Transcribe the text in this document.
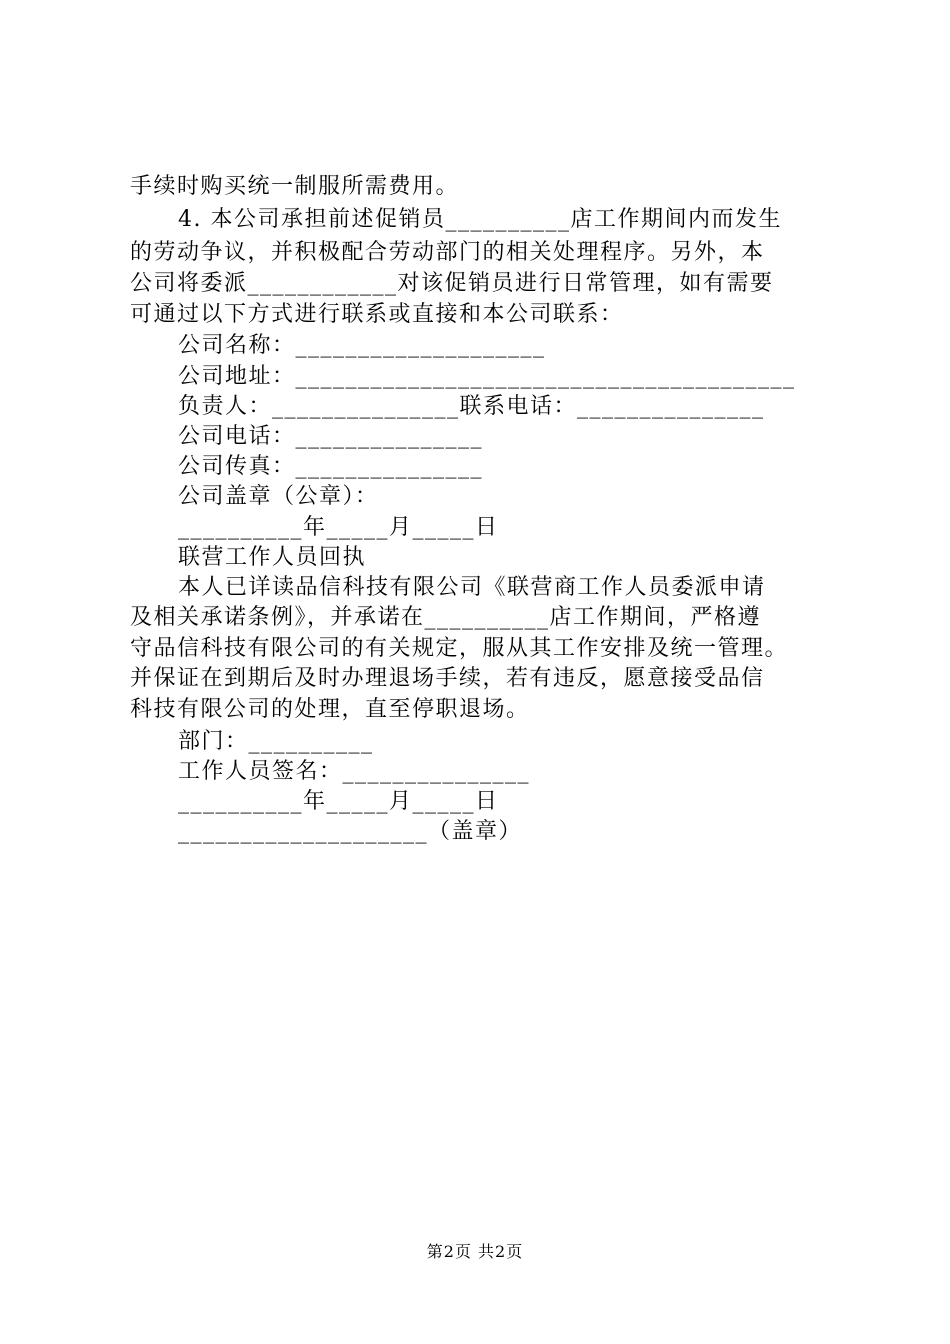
手续时购买统一制服所需费用。
4. 本公司承担前述促销员__________店工作期间内而发生
的劳动争议，并积极配合劳动部门的相关处理程序。另外，本
公司将委派____________对该促销员进行日常管理，如有需要
可通过以下方式进行联系或直接和本公司联系：
公司名称：____________________
公司地址：________________________________________
负责人：_______________联系电话：_______________
公司电话：_______________
公司传真：_______________
公司盖章（公章）：
__________年_____月_____日
联营工作人员回执
本人已详读品信科技有限公司《联营商工作人员委派申请
及相关承诺条例》，并承诺在__________店工作期间，严格遵
守品信科技有限公司的有关规定，服从其工作安排及统一管理。
并保证在到期后及时办理退场手续，若有违反，愿意接受品信
科技有限公司的处理，直至停职退场。
部门：__________
工作人员签名：_______________
__________年_____月_____日
____________________（盖章）
第2页 共2页
